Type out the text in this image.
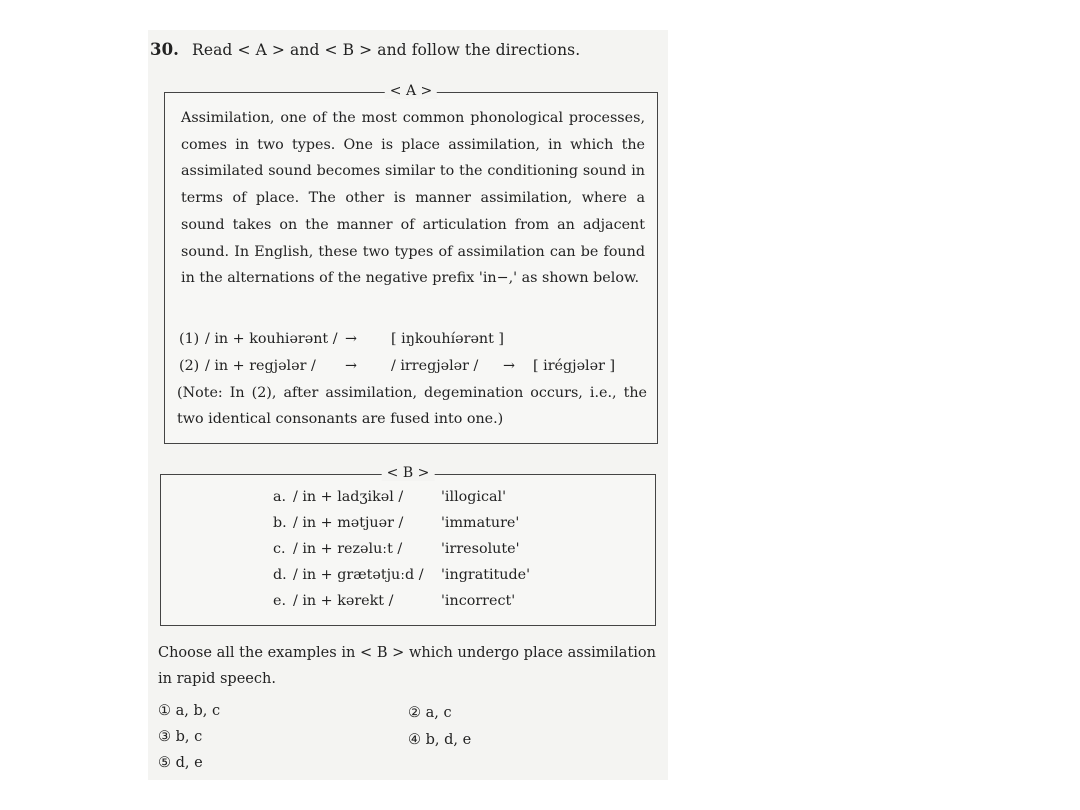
30. Read < A > and < B > and follow the directions.
< A >
Assimilation, one of the most common phonological processes, comes in two types. One is place assimilation, in which the assimilated sound becomes similar to the conditioning sound in terms of place. The other is manner assimilation, where a sound takes on the manner of articulation from an adjacent sound. In English, these two types of assimilation can be found in the alternations of the negative prefix 'in−,' as shown below.
(1) / in + kouhiərənt / → [ iŋkouhíərənt ]
(2) / in + regjələr / → / irregjələr / → [ irégjələr ]
(Note: In (2), after assimilation, degemination occurs, i.e., the two identical consonants are fused into one.)
< B >
a. / in + ladʒikəl /	'illogical'
b. / in + mətjuər /	'immature'
c. / in + rezəluːt /	'irresolute'
d. / in + grætətjuːd / 'ingratitude'
e. / in + kərekt /	'incorrect'
Choose all the examples in < B > which undergo place assimilation in rapid speech.
① a, b, c	② a, c
③ b, c	④ b, d, e
⑤ d, e
